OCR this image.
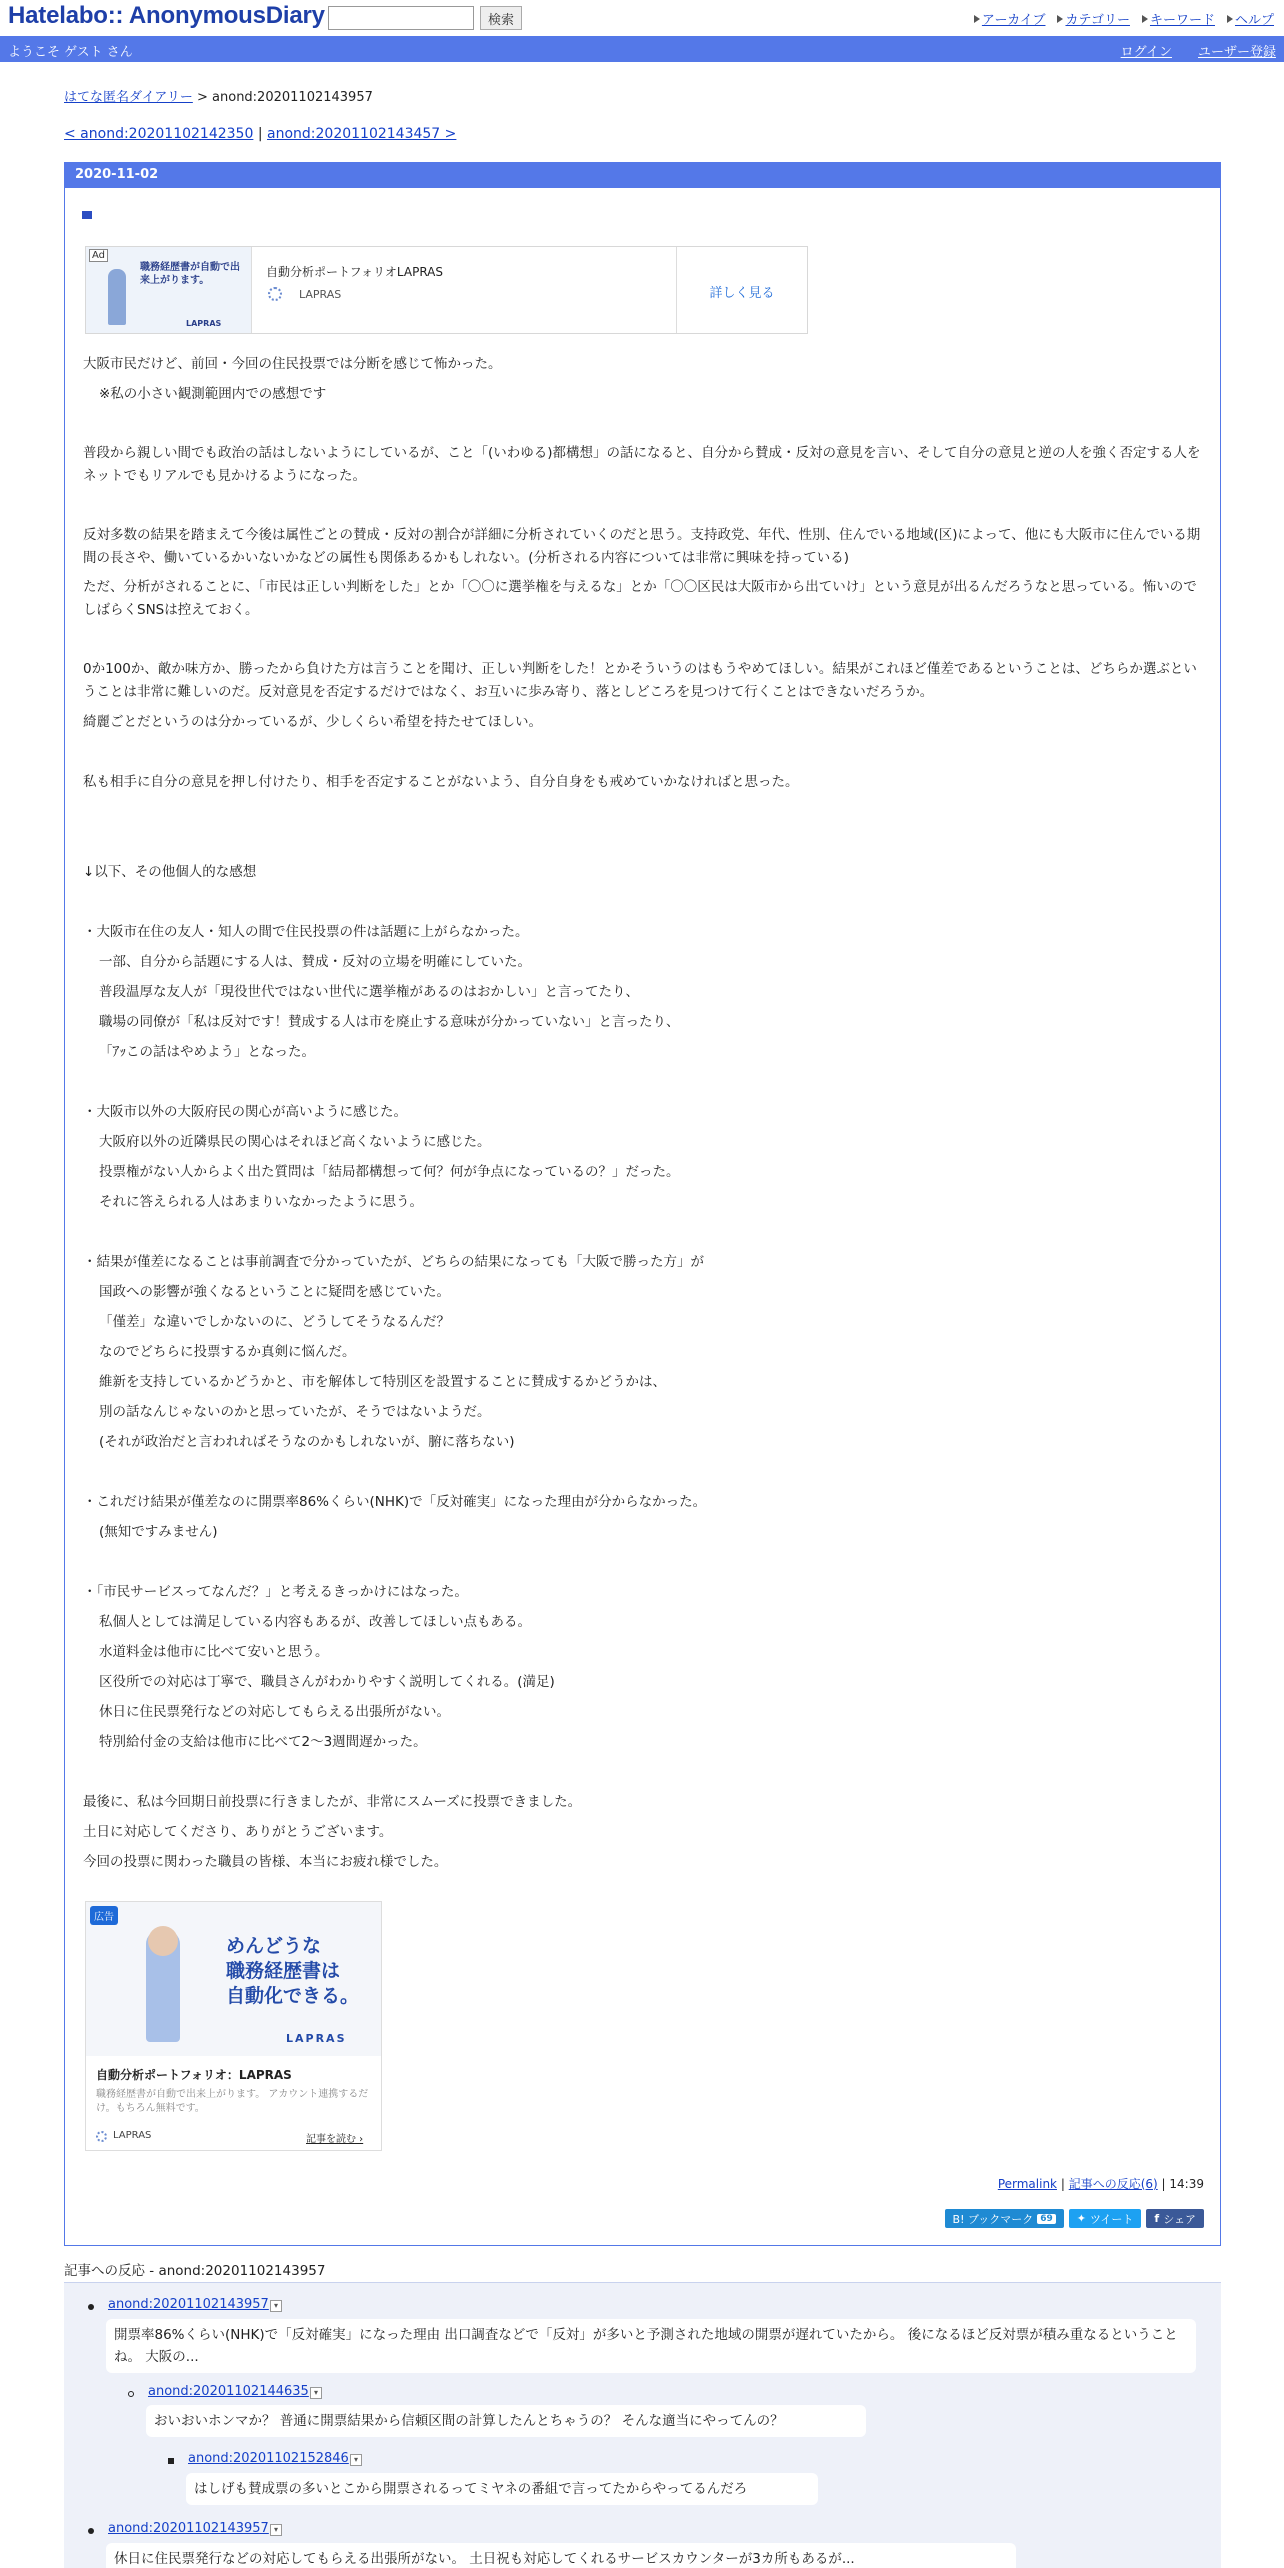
Hatelabo:: AnonymousDiary	検索	アーカイブ カテゴリー キーワード ヘルプ
ようこそ ゲスト さん	ログイン ユーザー登録
はてな匿名ダイアリー > anond:20201102143957
< anond:20201102142350 | anond:20201102143457 >
2020-11-02
Ad
職務経歴書が自動で出来上がります。
LAPRAS
自動分析ポートフォリオLAPRAS
LAPRAS	詳しく見る
大阪市民だけど、前回・今回の住民投票では分断を感じて怖かった。
※私の小さい観測範囲内での感想です
普段から親しい間でも政治の話はしないようにしているが、こと「(いわゆる)都構想」の話になると、自分から賛成・反対の意見を言い、そして自分の意見と逆の人を強く否定する人をネットでもリアルでも見かけるようになった。
反対多数の結果を踏まえて今後は属性ごとの賛成・反対の割合が詳細に分析されていくのだと思う。支持政党、年代、性別、住んでいる地域(区)によって、他にも大阪市に住んでいる期間の長さや、働いているかいないかなどの属性も関係あるかもしれない。(分析される内容については非常に興味を持っている)
ただ、分析がされることに、「市民は正しい判断をした」とか「〇〇に選挙権を与えるな」とか「〇〇区民は大阪市から出ていけ」という意見が出るんだろうなと思っている。怖いのでしばらくSNSは控えておく。
0か100か、敵か味方か、勝ったから負けた方は言うことを聞け、正しい判断をした！とかそういうのはもうやめてほしい。結果がこれほど僅差であるということは、どちらか選ぶということは非常に難しいのだ。反対意見を否定するだけではなく、お互いに歩み寄り、落としどころを見つけて行くことはできないだろうか。
綺麗ごとだというのは分かっているが、少しくらい希望を持たせてほしい。
私も相手に自分の意見を押し付けたり、相手を否定することがないよう、自分自身をも戒めていかなければと思った。
↓以下、その他個人的な感想
・大阪市在住の友人・知人の間で住民投票の件は話題に上がらなかった。
一部、自分から話題にする人は、賛成・反対の立場を明確にしていた。
普段温厚な友人が「現役世代ではない世代に選挙権があるのはおかしい」と言ってたり、
職場の同僚が「私は反対です！賛成する人は市を廃止する意味が分かっていない」と言ったり、
「ｱｯこの話はやめよう」となった。
・大阪市以外の大阪府民の関心が高いように感じた。
大阪府以外の近隣県民の関心はそれほど高くないように感じた。
投票権がない人からよく出た質問は「結局都構想って何？何が争点になっているの？」だった。
それに答えられる人はあまりいなかったように思う。
・結果が僅差になることは事前調査で分かっていたが、どちらの結果になっても「大阪で勝った方」が
国政への影響が強くなるということに疑問を感じていた。
「僅差」な違いでしかないのに、どうしてそうなるんだ？
なのでどちらに投票するか真剣に悩んだ。
維新を支持しているかどうかと、市を解体して特別区を設置することに賛成するかどうかは、
別の話なんじゃないのかと思っていたが、そうではないようだ。
(それが政治だと言われればそうなのかもしれないが、腑に落ちない)
・これだけ結果が僅差なのに開票率86%くらい(NHK)で「反対確実」になった理由が分からなかった。
(無知ですみません)
・「市民サービスってなんだ？」と考えるきっかけにはなった。
私個人としては満足している内容もあるが、改善してほしい点もある。
水道料金は他市に比べて安いと思う。
区役所での対応は丁寧で、職員さんがわかりやすく説明してくれる。(満足)
休日に住民票発行などの対応してもらえる出張所がない。
特別給付金の支給は他市に比べて2～3週間遅かった。
最後に、私は今回期日前投票に行きましたが、非常にスムーズに投票できました。
土日に対応してくださり、ありがとうございます。
今回の投票に関わった職員の皆様、本当にお疲れ様でした。
広告
めんどうな
職務経歴書は
自動化できる。
LAPRAS
自動分析ポートフォリオ：LAPRAS
職務経歴書が自動で出来上がります。 アカウント連携するだけ。もちろん無料です。
LAPRAS	記事を読む ›
Permalink | 記事への反応(6) | 14:39
B! ブックマーク 69 ✦ ツイート f シェア
記事への反応 - anond:20201102143957
anond:20201102143957 ▾
開票率86%くらい(NHK)で「反対確実」になった理由 出口調査などで「反対」が多いと予測された地域の開票が遅れていたから。 後になるほど反対票が積み重なるということね。 大阪の...
anond:20201102144635 ▾
おいおいホンマか？ 普通に開票結果から信頼区間の計算したんとちゃうの？ そんな適当にやってんの？
anond:20201102152846 ▾
はしげも賛成票の多いとこから開票されるってミヤネの番組で言ってたからやってるんだろ
anond:20201102143957 ▾
休日に住民票発行などの対応してもらえる出張所がない。 土日祝も対応してくれるサービスカウンターが3カ所もあるが...
